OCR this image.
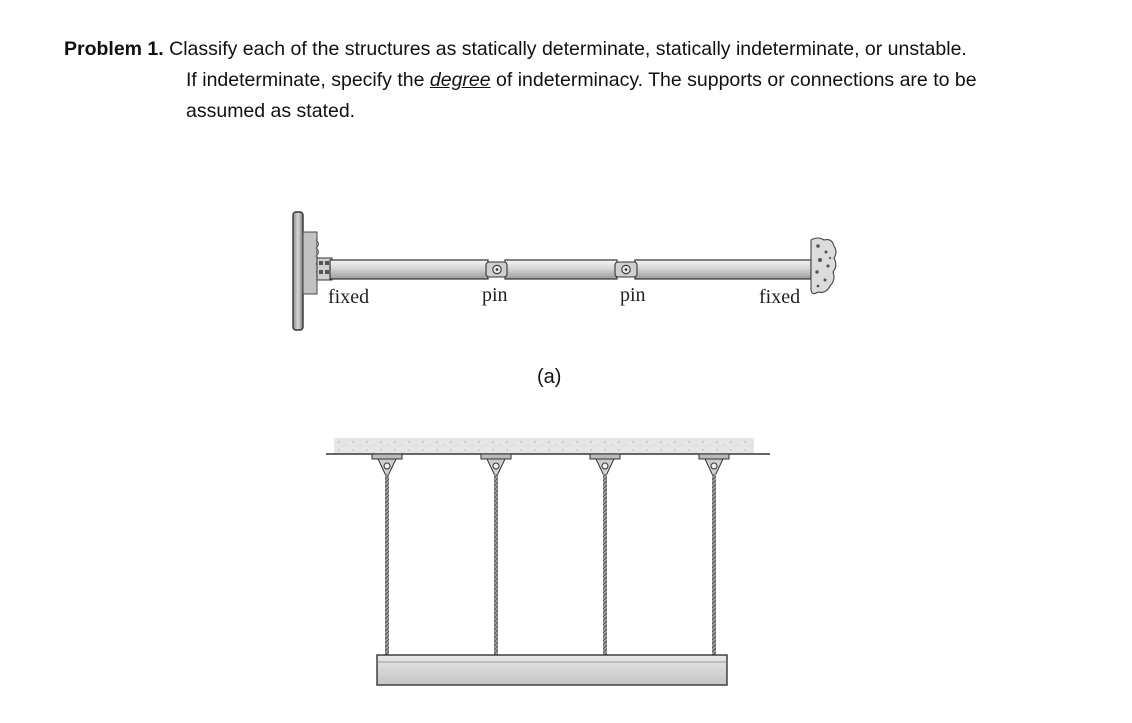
Problem 1. Classify each of the structures as statically determinate, statically indeterminate, or unstable.
If indeterminate, specify the degree of indeterminacy. The supports or connections are to be
assumed as stated.
fixed	pin	pin	fixed
(a)
